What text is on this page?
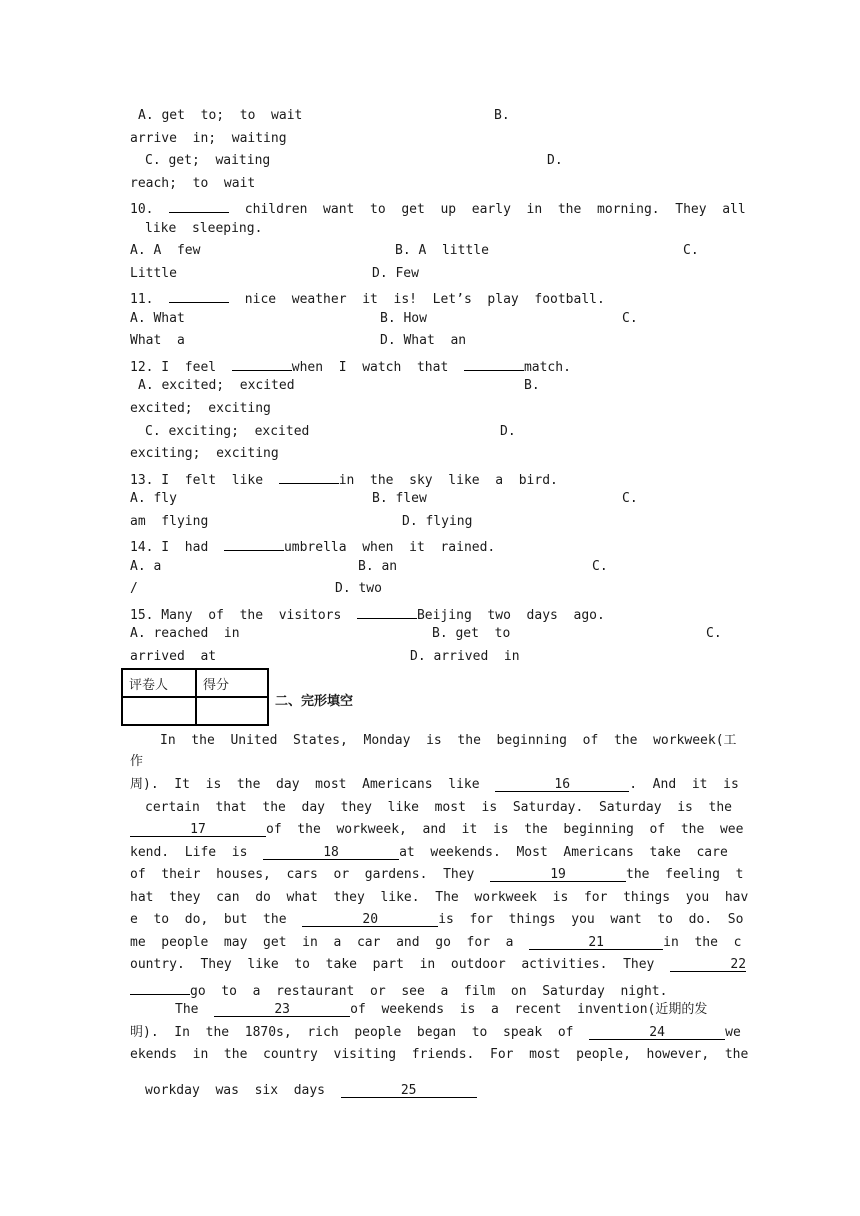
A. get  to;  to  wait	B.
arrive  in;  waiting
C. get;  waiting	D.
reach;  to  wait
10.	children  want  to  get  up  early  in  the  morning.  They  all
like  sleeping.
A. A  few	B. A  little	C.
Little	D. Few
11.	nice  weather  it  is!  Let’s  play  football.
A. What	B. How	C.
What  a	D. What  an
12. I  feel	when  I  watch  that	match.
A. excited;  excited	B.
excited;  exciting
C. exciting;  excited	D.
exciting;  exciting
13. I  felt  like	in  the  sky  like  a  bird.
A. fly	B. flew	C.
am  flying	D. flying
14. I  had	umbrella  when  it  rained.
A. a	B. an	C.
/	D. two
15. Many  of  the  visitors	Beijing  two  days  ago.
A. reached  in	B. get  to	C.
arrived  at	D. arrived  in
评卷人	得分

二、完形填空
In  the  United  States,  Monday  is  the  beginning  of  the  workweek(工
作
周).  It  is  the  day  most  Americans  like	16	.  And  it  is
certain  that  the  day  they  like  most  is  Saturday.  Saturday  is  the
17	of  the  workweek,  and  it  is  the  beginning  of  the  wee
kend.  Life  is	18	at  weekends.  Most  Americans  take  care
of  their  houses,  cars  or  gardens.  They	19	the  feeling  t
hat  they  can  do  what  they  like.  The  workweek  is  for  things  you  hav
e  to  do,  but  the	20	is  for  things  you  want  to  do.  So
me  people  may  get  in  a  car  and  go  for  a	21	in  the  c
ountry.  They  like  to  take  part  in  outdoor  activities.  They	22
go  to  a  restaurant  or  see  a  film  on  Saturday  night.
The	23	of  weekends  is  a  recent  invention(近期的发
明).  In  the  1870s,  rich  people  began  to  speak  of	24	we
ekends  in  the  country  visiting  friends.  For  most  people,  however,  the
workday  was  six  days	25
